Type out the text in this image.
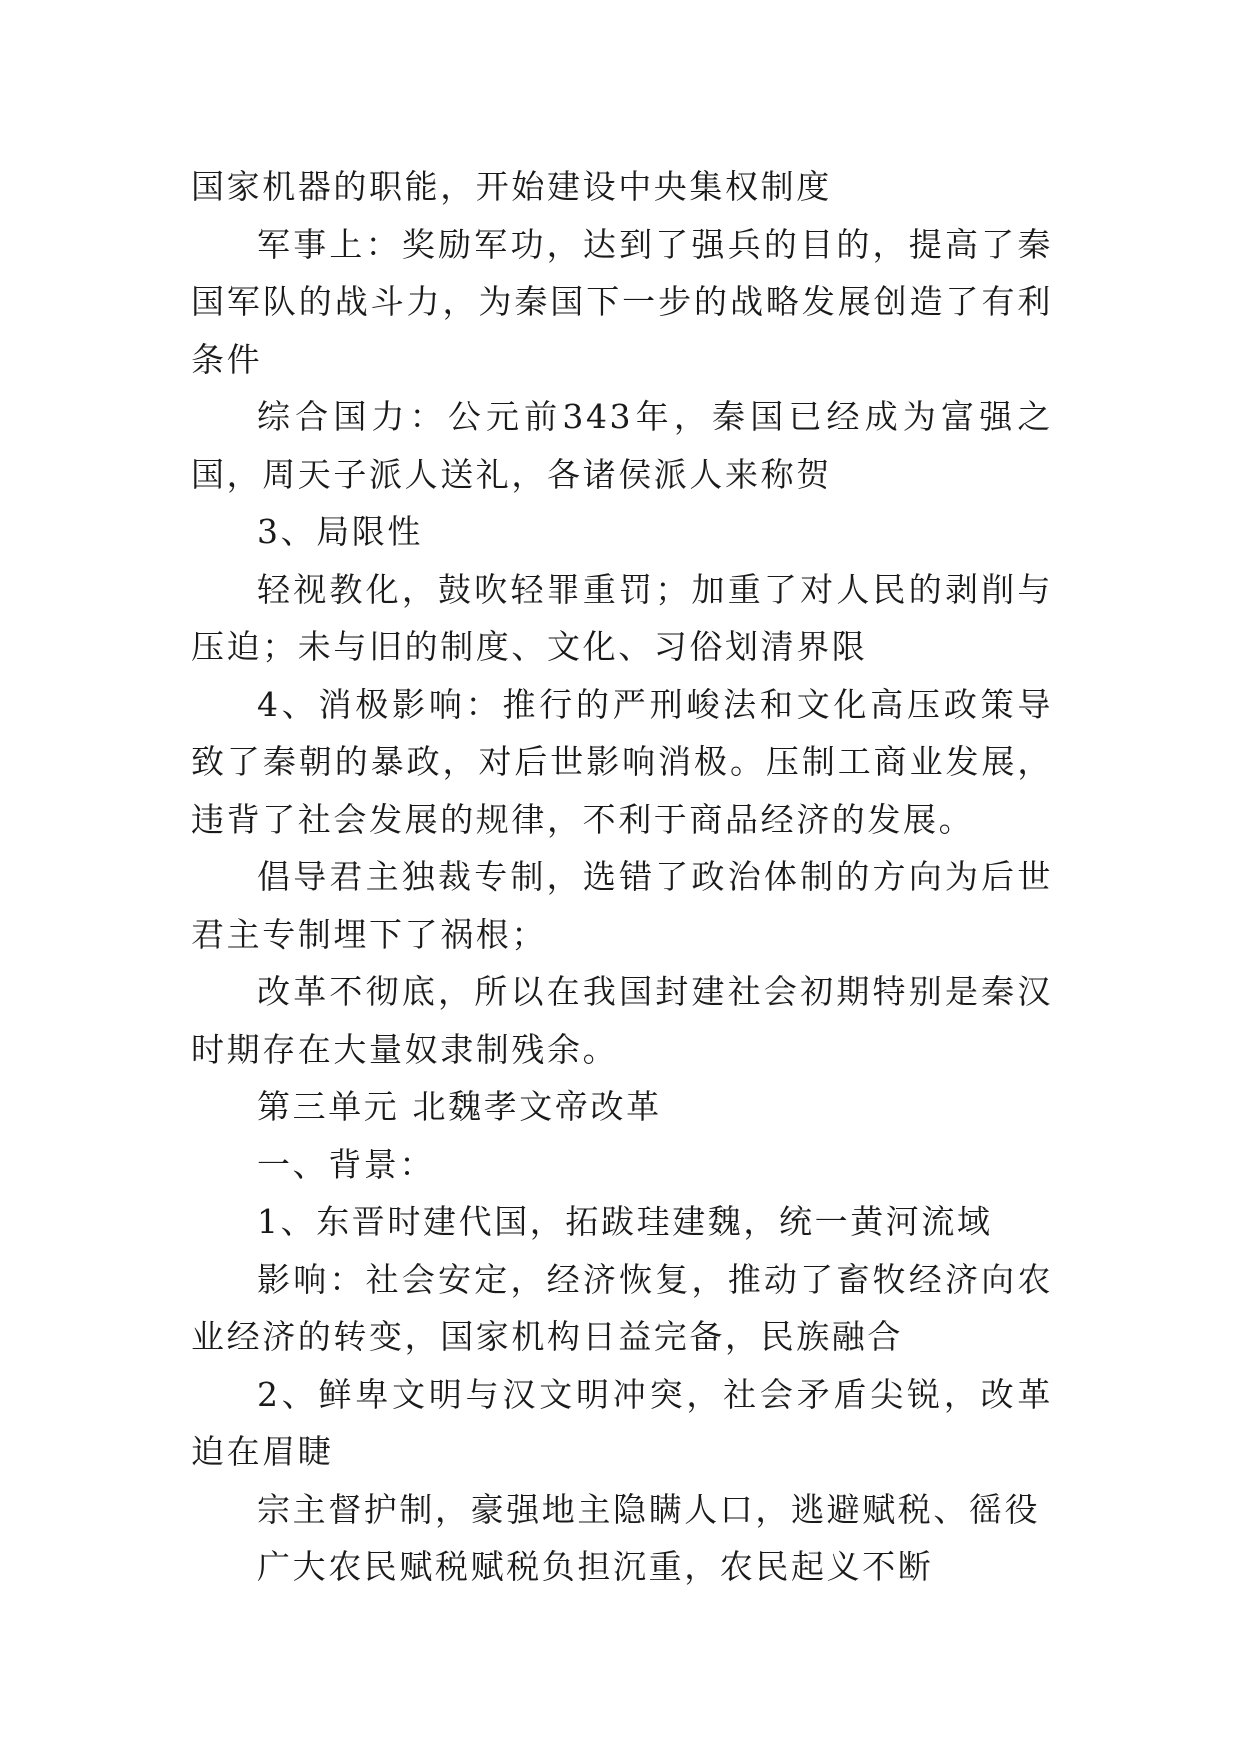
国家机器的职能，开始建设中央集权制度

军事上：奖励军功，达到了强兵的目的，提高了秦国军队的战斗力，为秦国下一步的战略发展创造了有利条件

综合国力：公元前343年，秦国已经成为富强之国，周天子派人送礼，各诸侯派人来称贺

3、局限性

轻视教化，鼓吹轻罪重罚；加重了对人民的剥削与压迫；未与旧的制度、文化、习俗划清界限

4、消极影响：推行的严刑峻法和文化高压政策导致了秦朝的暴政，对后世影响消极。压制工商业发展，违背了社会发展的规律，不利于商品经济的发展。

倡导君主独裁专制，选错了政治体制的方向为后世君主专制埋下了祸根；

改革不彻底，所以在我国封建社会初期特别是秦汉时期存在大量奴隶制残余。

第三单元 北魏孝文帝改革

一、背景：

1、东晋时建代国，拓跋珪建魏，统一黄河流域

影响：社会安定，经济恢复，推动了畜牧经济向农业经济的转变，国家机构日益完备，民族融合

2、鲜卑文明与汉文明冲突，社会矛盾尖锐，改革迫在眉睫

宗主督护制，豪强地主隐瞒人口，逃避赋税、徭役

广大农民赋税赋税负担沉重，农民起义不断
